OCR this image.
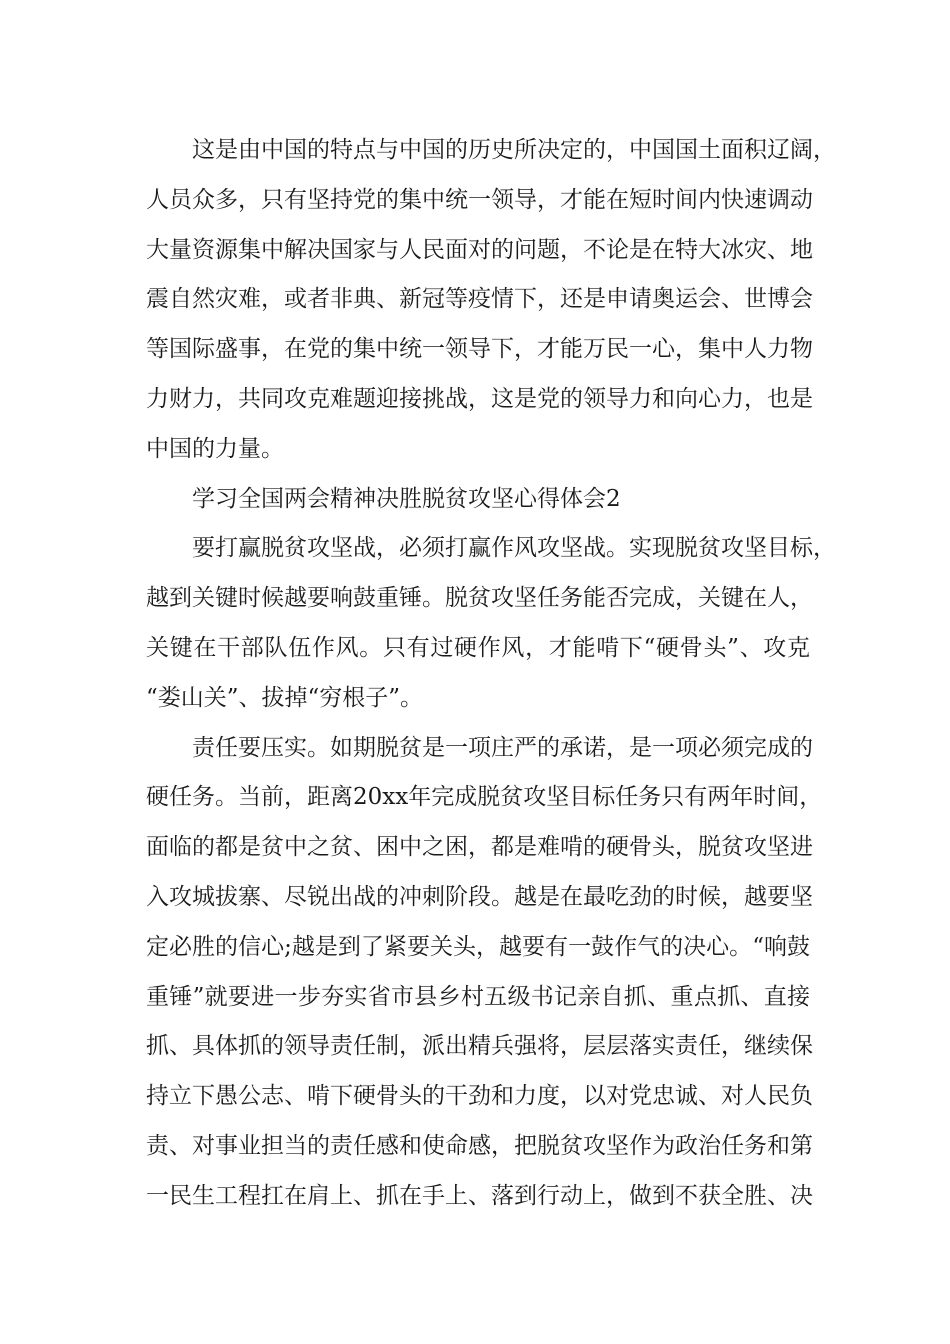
这是由中国的特点与中国的历史所决定的，中国国土面积辽阔，
人员众多，只有坚持党的集中统一领导，才能在短时间内快速调动
大量资源集中解决国家与人民面对的问题，不论是在特大冰灾、地
震自然灾难，或者非典、新冠等疫情下，还是申请奥运会、世博会
等国际盛事，在党的集中统一领导下，才能万民一心，集中人力物
力财力，共同攻克难题迎接挑战，这是党的领导力和向心力，也是
中国的力量。
学习全国两会精神决胜脱贫攻坚心得体会2
要打赢脱贫攻坚战，必须打赢作风攻坚战。实现脱贫攻坚目标，
越到关键时候越要响鼓重锤。脱贫攻坚任务能否完成，关键在人，
关键在干部队伍作风。只有过硬作风，才能啃下“硬骨头”、攻克
“娄山关”、拔掉“穷根子”。
责任要压实。如期脱贫是一项庄严的承诺，是一项必须完成的
硬任务。当前，距离20xx年完成脱贫攻坚目标任务只有两年时间，
面临的都是贫中之贫、困中之困，都是难啃的硬骨头，脱贫攻坚进
入攻城拔寨、尽锐出战的冲刺阶段。越是在最吃劲的时候，越要坚
定必胜的信心;越是到了紧要关头，越要有一鼓作气的决心。“响鼓
重锤”就要进一步夯实省市县乡村五级书记亲自抓、重点抓、直接
抓、具体抓的领导责任制，派出精兵强将，层层落实责任，继续保
持立下愚公志、啃下硬骨头的干劲和力度，以对党忠诚、对人民负
责、对事业担当的责任感和使命感，把脱贫攻坚作为政治任务和第
一民生工程扛在肩上、抓在手上、落到行动上，做到不获全胜、决
